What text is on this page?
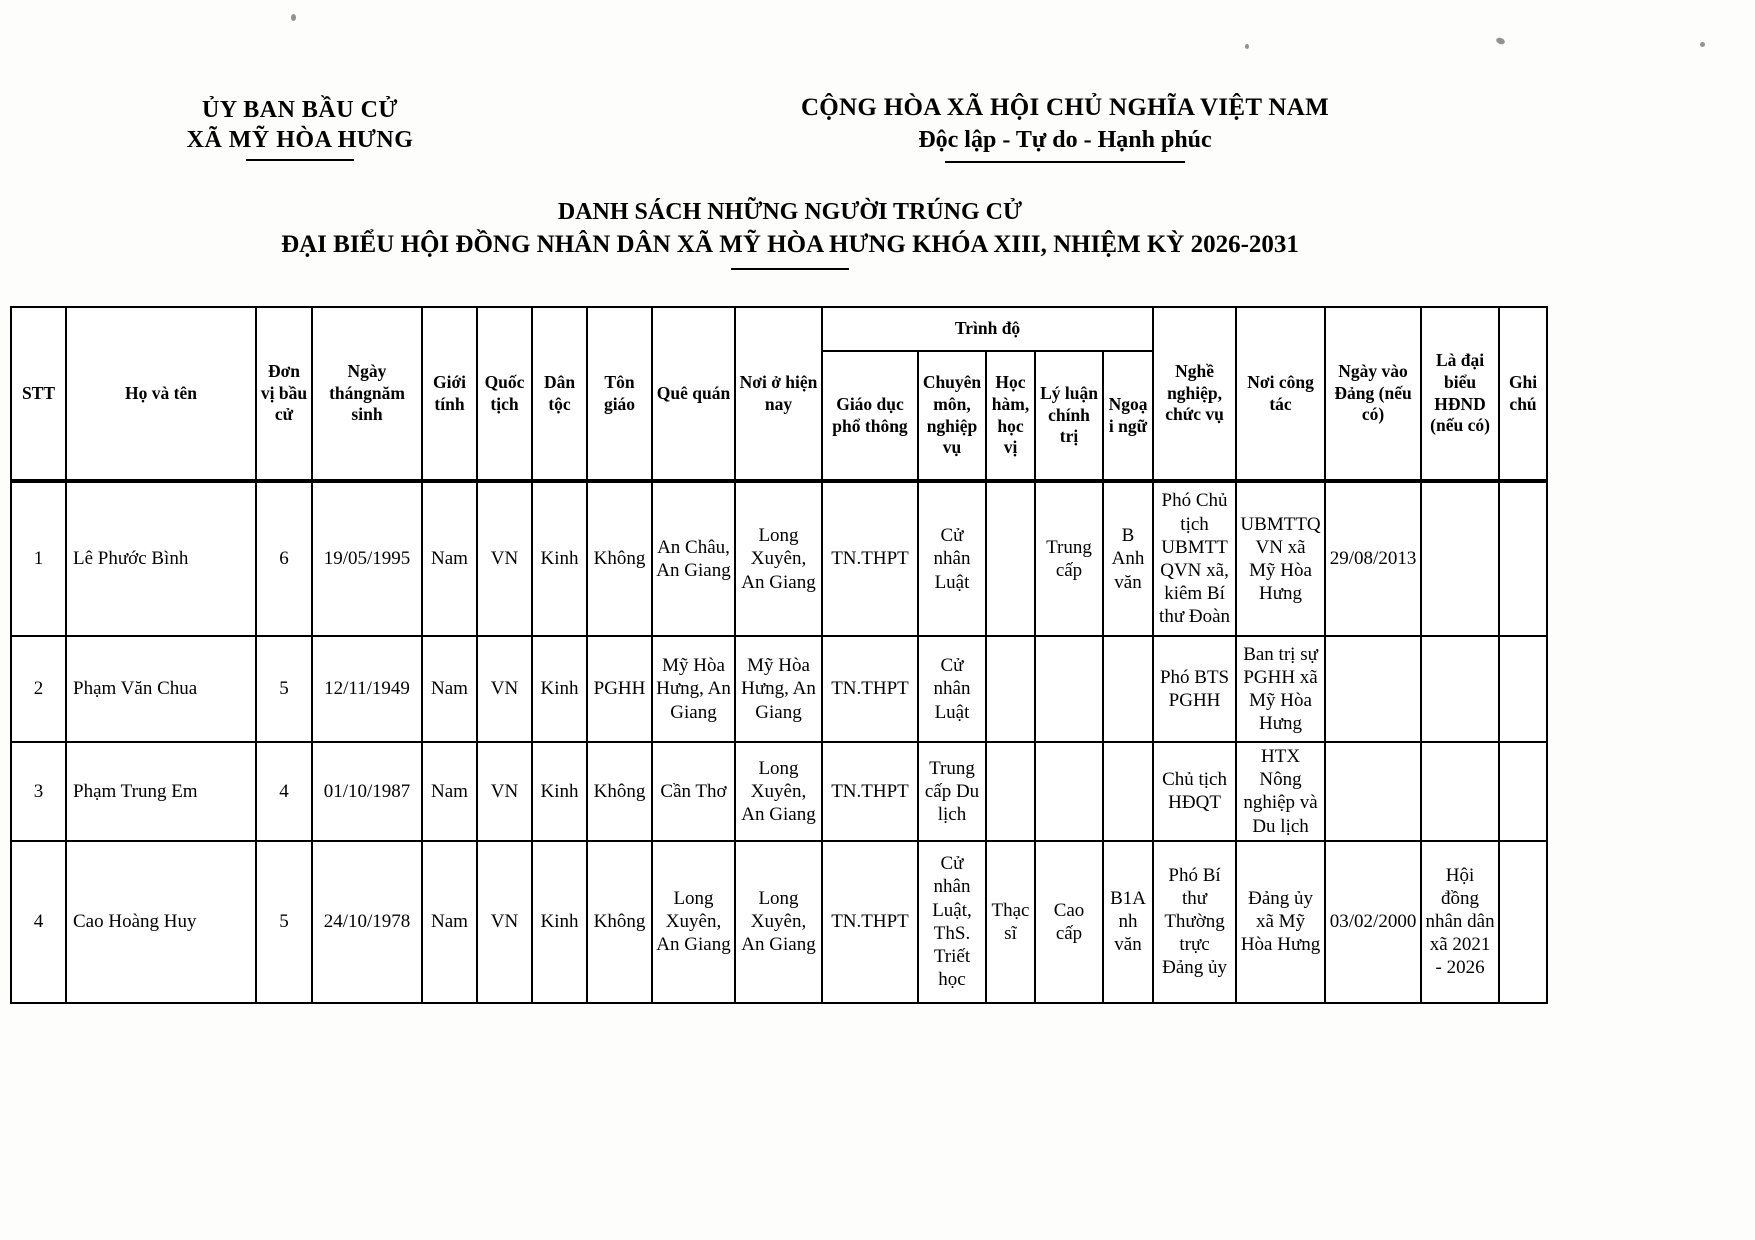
ỦY BAN BẦU CỬ
XÃ MỸ HÒA HƯNG
CỘNG HÒA XÃ HỘI CHỦ NGHĨA VIỆT NAM
Độc lập - Tự do - Hạnh phúc
DANH SÁCH NHỮNG NGƯỜI TRÚNG CỬ
ĐẠI BIỂU HỘI ĐỒNG NHÂN DÂN XÃ MỸ HÒA HƯNG KHÓA XIII, NHIỆM KỲ 2026-2031
STT	Họ và tên	Đơn vị bầu cử	Ngày thángnăm sinh	Giới tính	Quốc tịch	Dân tộc	Tôn giáo	Quê quán	Nơi ở hiện nay	Trình độ					Nghề nghiệp, chức vụ	Nơi công tác	Ngày vào Đảng (nếu có)	Là đại biểu HĐND (nếu có)	Ghi chú
										Giáo dục phổ thông	Chuyên môn, nghiệp vụ	Học hàm, học vị	Lý luận chính trị	Ngoại ngữ					
1	Lê Phước Bình	6	19/05/1995	Nam	VN	Kinh	Không	An Châu, An Giang	Long Xuyên, An Giang	TN.THPT	Cử nhân Luật		Trung cấp	B Anh văn	Phó Chủ tịch UBMTT QVN xã, kiêm Bí thư Đoàn	UBMTTQ VN xã Mỹ Hòa Hưng	29/08/2013		
2	Phạm Văn Chua	5	12/11/1949	Nam	VN	Kinh	PGHH	Mỹ Hòa Hưng, An Giang	Mỹ Hòa Hưng, An Giang	TN.THPT	Cử nhân Luật				Phó BTS PGHH	Ban trị sự PGHH xã Mỹ Hòa Hưng			
3	Phạm Trung Em	4	01/10/1987	Nam	VN	Kinh	Không	Cần Thơ	Long Xuyên, An Giang	TN.THPT	Trung cấp Du lịch				Chủ tịch HĐQT	HTX Nông nghiệp và Du lịch			
4	Cao Hoàng Huy	5	24/10/1978	Nam	VN	Kinh	Không	Long Xuyên, An Giang	Long Xuyên, An Giang	TN.THPT	Cử nhân Luật, ThS. Triết học	Thạc sĩ	Cao cấp	B1Anh văn	Phó Bí thư Thường trực Đảng ủy	Đảng ủy xã Mỹ Hòa Hưng	03/02/2000	Hội đồng nhân dân xã 2021 - 2026	
